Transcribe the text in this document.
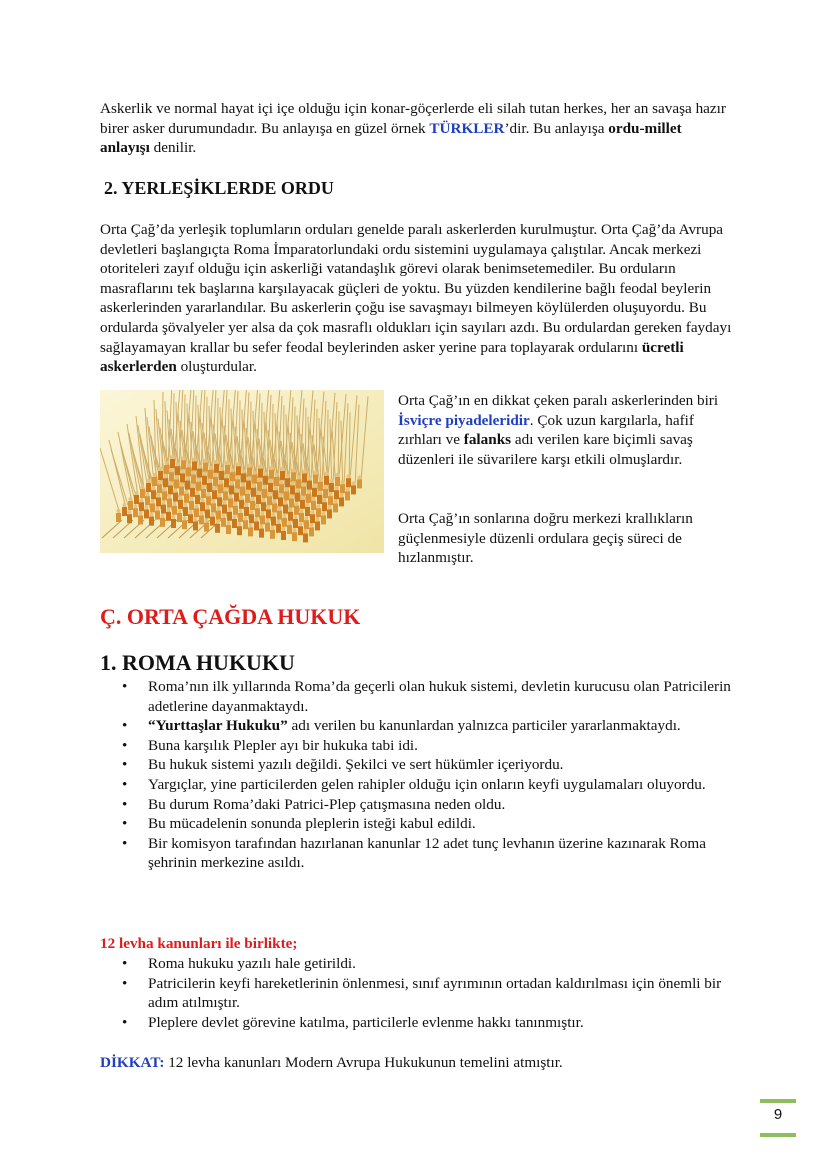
Askerlik ve normal hayat içi içe olduğu için konar-göçerlerde eli silah tutan herkes, her an savaşa hazır birer asker durumundadır. Bu anlayışa en güzel örnek TÜRKLER’dir. Bu anlayışa ordu-millet anlayışı denilir.

2. YERLEŞİKLERDE ORDU

Orta Çağ’da yerleşik toplumların orduları genelde paralı askerlerden kurulmuştur. Orta Çağ’da Avrupa devletleri başlangıçta Roma İmparatorlundaki ordu sistemini uygulamaya çalıştılar. Ancak merkezi otoriteleri zayıf olduğu için askerliği vatandaşlık görevi olarak benimsetemediler. Bu orduların masraflarını tek başlarına karşılayacak güçleri de yoktu. Bu yüzden kendilerine bağlı feodal beylerin askerlerinden yararlandılar. Bu askerlerin çoğu ise savaşmayı bilmeyen köylülerden oluşuyordu. Bu ordularda şövalyeler yer alsa da çok masraflı oldukları için sayıları azdı. Bu ordulardan gereken faydayı sağlayamayan krallar bu sefer feodal beylerinden asker yerine para toplayarak ordularını ücretli askerlerden oluşturdular.

Orta Çağ’ın en dikkat çeken paralı askerlerinden biri İsviçre piyadeleridir. Çok uzun kargılarla, hafif zırhları ve falanks adı verilen kare biçimli savaş düzenleri ile süvarilere karşı etkili olmuşlardır.

Orta Çağ’ın sonlarına doğru merkezi krallıkların güçlenmesiyle düzenli ordulara geçiş süreci de hızlanmıştır.

Ç. ORTA ÇAĞDA HUKUK
1. ROMA HUKUKU
• Roma’nın ilk yıllarında Roma’da geçerli olan hukuk sistemi, devletin kurucusu olan Patricilerin adetlerine dayanmaktaydı.
• “Yurttaşlar Hukuku” adı verilen bu kanunlardan yalnızca particiler yararlanmaktaydı.
• Buna karşılık Plepler ayı bir hukuka tabi idi.
• Bu hukuk sistemi yazılı değildi. Şekilci ve sert hükümler içeriyordu.
• Yargıçlar, yine particilerden gelen rahipler olduğu için onların keyfi uygulamaları oluyordu.
• Bu durum Roma’daki Patrici-Plep çatışmasına neden oldu.
• Bu mücadelenin sonunda pleplerin isteği kabul edildi.
• Bir komisyon tarafından hazırlanan kanunlar 12 adet tunç levhanın üzerine kazınarak Roma şehrinin merkezine asıldı.

12 levha kanunları ile birlikte;

• Roma hukuku yazılı hale getirildi.
• Patricilerin keyfi hareketlerinin önlenmesi, sınıf ayrımının ortadan kaldırılması için önemli bir adım atılmıştır.
• Pleplere devlet görevine katılma, particilerle evlenme hakkı tanınmıştır.

DİKKAT: 12 levha kanunları Modern Avrupa Hukukunun temelini atmıştır.

9
